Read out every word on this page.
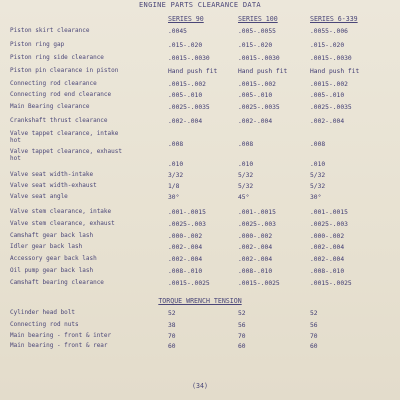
ENGINE PARTS CLEARANCE DATA
SERIES 90	SERIES 100	SERIES 6-339
Piston skirt clearance	.0045	.005-.0055	.0055-.006
Piston ring gap	.015-.020	.015-.020	.015-.020
Piston ring side clearance	.0015-.0030	.0015-.0030	.0015-.0030
Piston pin clearance in piston	Hand push fit	Hand push fit	Hand push fit
Connecting rod clearance	.0015-.002	.0015-.002	.0015-.002
Connecting rod end clearance	.005-.010	.005-.010	.005-.010
Main Bearing clearance	.0025-.0035	.0025-.0035	.0025-.0035
Crankshaft thrust clearance	.002-.004	.002-.004	.002-.004
Valve tappet clearance, intake
hot
.008	.008	.008
Valve tappet clearance, exhaust
hot
.010	.010	.010
Valve seat width-intake	3/32	5/32	5/32
Valve seat width-exhaust	1/8	5/32	5/32
Valve seat angle	30°	45°	30°
Valve stem clearance, intake	.001-.0015	.001-.0015	.001-.0015
Valve stem clearance, exhaust	.0025-.003	.0025-.003	.0025-.003
Camshaft gear back lash	.000-.002	.000-.002	.000-.002
Idler gear back lash	.002-.004	.002-.004	.002-.004
Accessory gear back lash	.002-.004	.002-.004	.002-.004
Oil pump gear back lash	.008-.010	.008-.010	.008-.010
Camshaft bearing clearance	.0015-.0025	.0015-.0025	.0015-.0025
TORQUE WRENCH TENSION
Cylinder head bolt	52	52	52
Connecting rod nuts	38	56	56
Main bearing - front & inter	70	70	70
Main bearing - front & rear	60	60	60
(34)
